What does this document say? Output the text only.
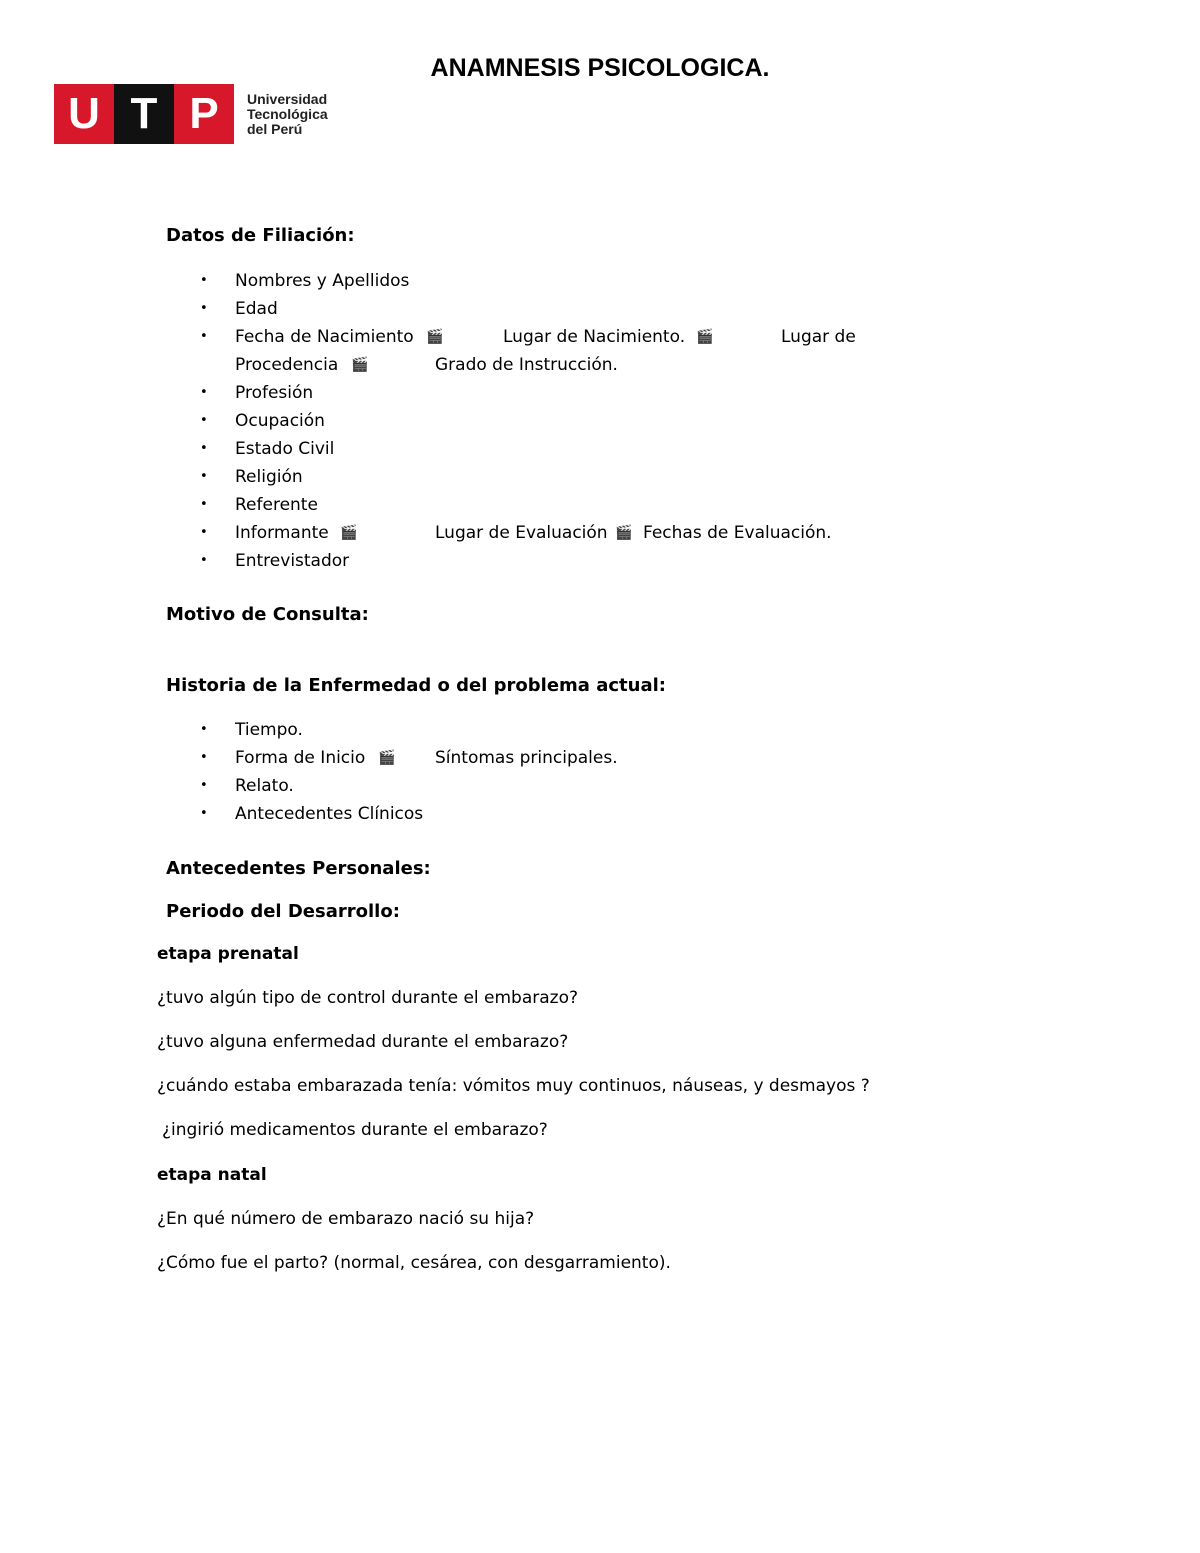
ANAMNESIS PSICOLOGICA.
U T P	Universidad
Tecnológica
del Perú
Datos de Filiación:
• Nombres y Apellidos
• Edad
• Fecha de Nacimiento 🎬	Lugar de Nacimiento. 🎬	Lugar de
Procedencia 🎬	Grado de Instrucción.
• Profesión
• Ocupación
• Estado Civil
• Religión
• Referente
• Informante 🎬	Lugar de Evaluación 🎬 Fechas de Evaluación.
• Entrevistador
Motivo de Consulta:
Historia de la Enfermedad o del problema actual:
• Tiempo.
• Forma de Inicio 🎬 Síntomas principales.
• Relato.
• Antecedentes Clínicos
Antecedentes Personales:
Periodo del Desarrollo:
etapa prenatal
¿tuvo algún tipo de control durante el embarazo?
¿tuvo alguna enfermedad durante el embarazo?
¿cuándo estaba embarazada tenía: vómitos muy continuos, náuseas, y desmayos ?
¿ingirió medicamentos durante el embarazo?
etapa natal
¿En qué número de embarazo nació su hija?
¿Cómo fue el parto? (normal, cesárea, con desgarramiento).
